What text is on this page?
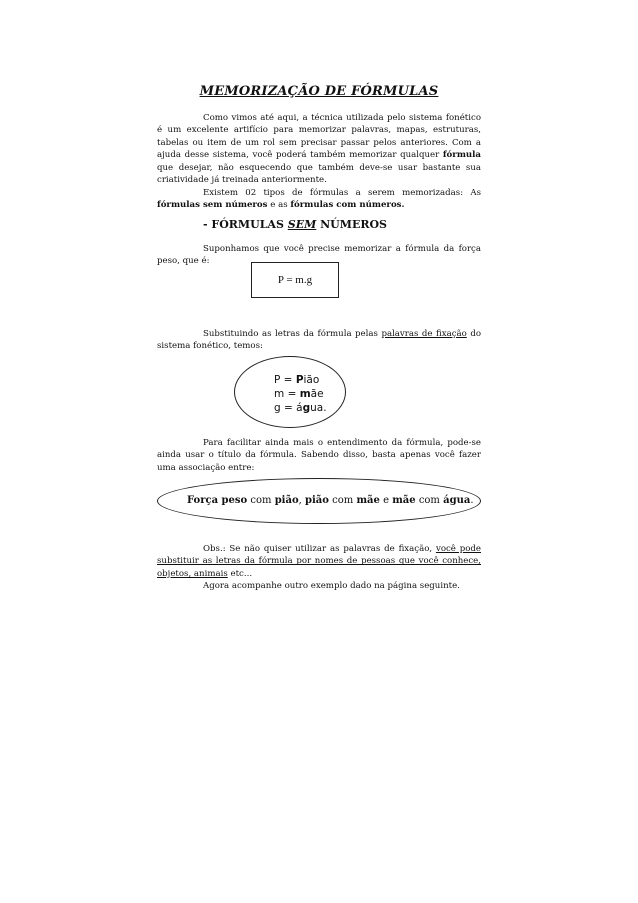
MEMORIZAÇÃO DE FÓRMULAS
Como vimos até aqui, a técnica utilizada pelo sistema fonético é um excelente artifício para memorizar palavras, mapas, estruturas, tabelas ou item de um rol sem precisar passar pelos anteriores. Com a ajuda desse sistema, você poderá também memorizar qualquer fórmula que desejar, não esquecendo que também deve-se usar bastante sua criatividade já treinada anteriormente.
Existem 02 tipos de fórmulas a serem memorizadas: As fórmulas sem números e as fórmulas com números.
- FÓRMULAS SEM NÚMEROS
Suponhamos que você precise memorizar a fórmula da força peso, que é:
P = m.g
Substituindo as letras da fórmula pelas palavras de fixação do sistema fonético, temos:
P = Pião
m = mãe
g = água.
Para facilitar ainda mais o entendimento da fórmula, pode-se ainda usar o título da fórmula. Sabendo disso, basta apenas você fazer uma associação entre:
Força peso com pião, pião com mãe e mãe com água.
Obs.: Se não quiser utilizar as palavras de fixação, você pode substituir as letras da fórmula por nomes de pessoas que você conhece, objetos, animais etc...
Agora acompanhe outro exemplo dado na página seguinte.
